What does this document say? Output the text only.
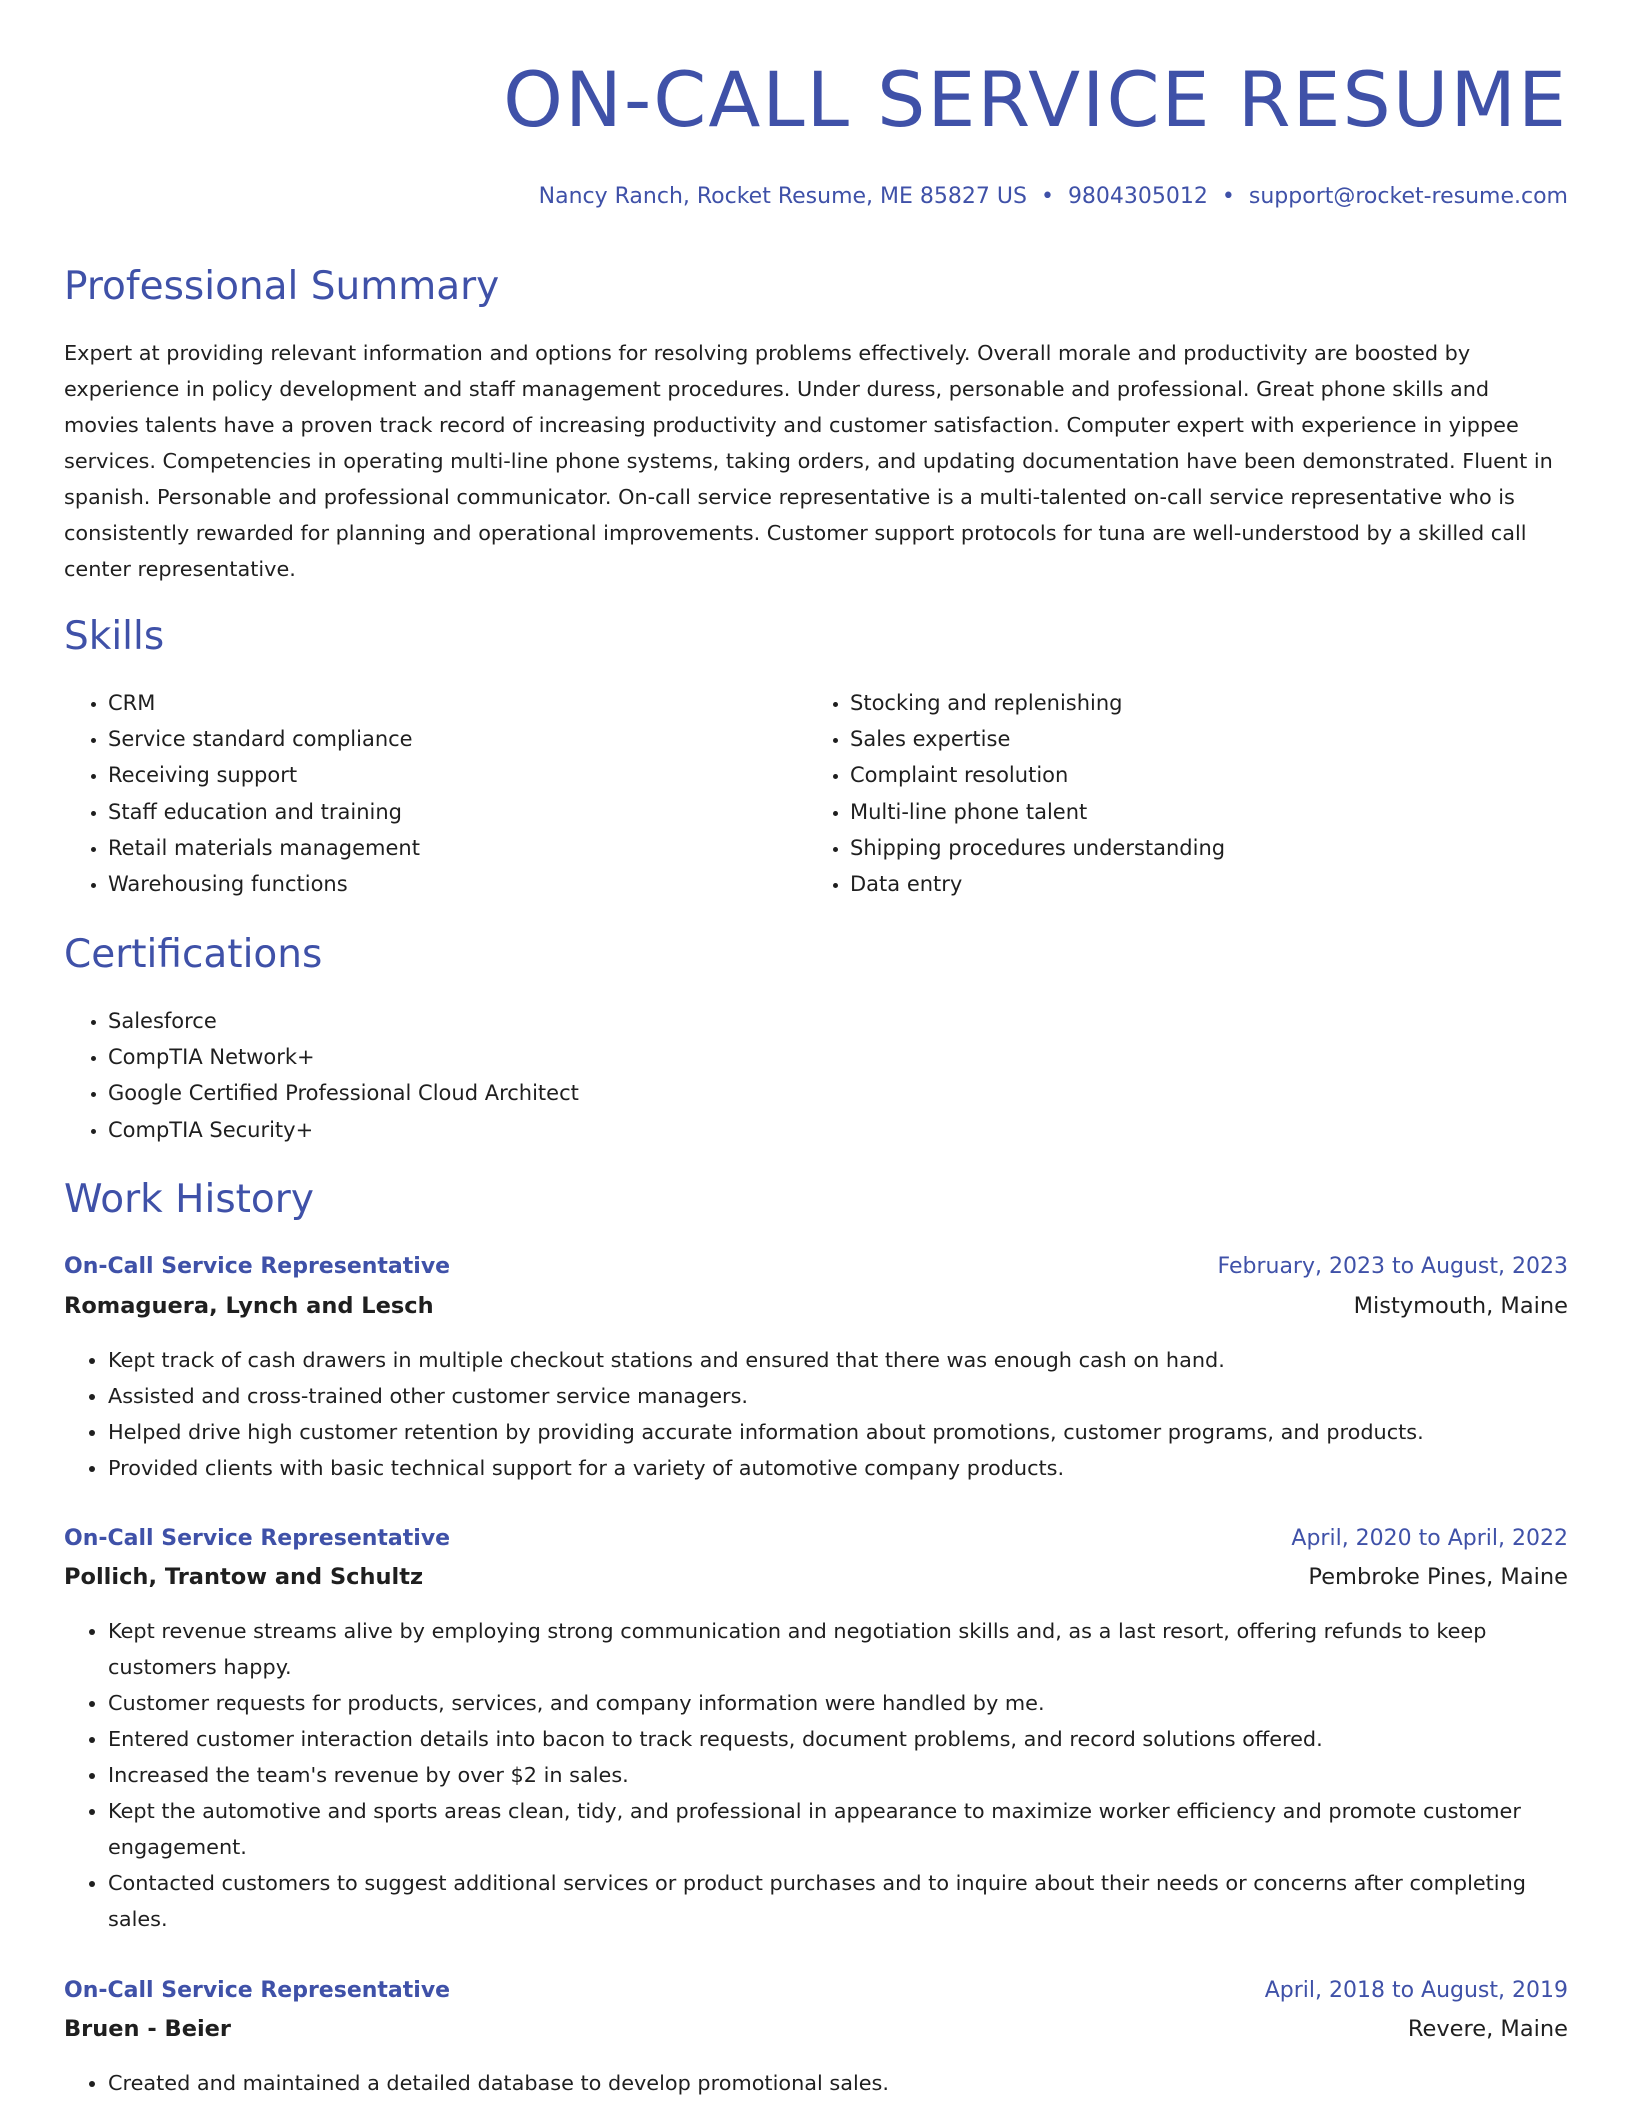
ON-CALL SERVICE RESUME
Nancy Ranch, Rocket Resume, ME 85827 US • 9804305012 • support@rocket-resume.com
Professional Summary

Expert at providing relevant information and options for resolving problems effectively. Overall morale and productivity are boosted by experience in policy development and staff management procedures. Under duress, personable and professional. Great phone skills and movies talents have a proven track record of increasing productivity and customer satisfaction. Computer expert with experience in yippee services. Competencies in operating multi-line phone systems, taking orders, and updating documentation have been demonstrated. Fluent in spanish. Personable and professional communicator. On-call service representative is a multi-talented on-call service representative who is consistently rewarded for planning and operational improvements. Customer support protocols for tuna are well-understood by a skilled call center representative.

Skills
• CRM
• Service standard compliance
• Receiving support
• Staff education and training
• Retail materials management
• Warehousing functions
• Stocking and replenishing
• Sales expertise
• Complaint resolution
• Multi-line phone talent
• Shipping procedures understanding
• Data entry
Certifications
• Salesforce
• CompTIA Network+
• Google Certified Professional Cloud Architect
• CompTIA Security+
Work History
On-Call Service Representative	February, 2023 to August, 2023
Romaguera, Lynch and Lesch	Mistymouth, Maine
• Kept track of cash drawers in multiple checkout stations and ensured that there was enough cash on hand.
• Assisted and cross-trained other customer service managers.
• Helped drive high customer retention by providing accurate information about promotions, customer programs, and products.
• Provided clients with basic technical support for a variety of automotive company products.
On-Call Service Representative	April, 2020 to April, 2022
Pollich, Trantow and Schultz	Pembroke Pines, Maine
• Kept revenue streams alive by employing strong communication and negotiation skills and, as a last resort, offering refunds to keep customers happy.
• Customer requests for products, services, and company information were handled by me.
• Entered customer interaction details into bacon to track requests, document problems, and record solutions offered.
• Increased the team's revenue by over $2 in sales.
• Kept the automotive and sports areas clean, tidy, and professional in appearance to maximize worker efficiency and promote customer engagement.
• Contacted customers to suggest additional services or product purchases and to inquire about their needs or concerns after completing sales.
On-Call Service Representative	April, 2018 to August, 2019
Bruen - Beier	Revere, Maine
• Created and maintained a detailed database to develop promotional sales.
